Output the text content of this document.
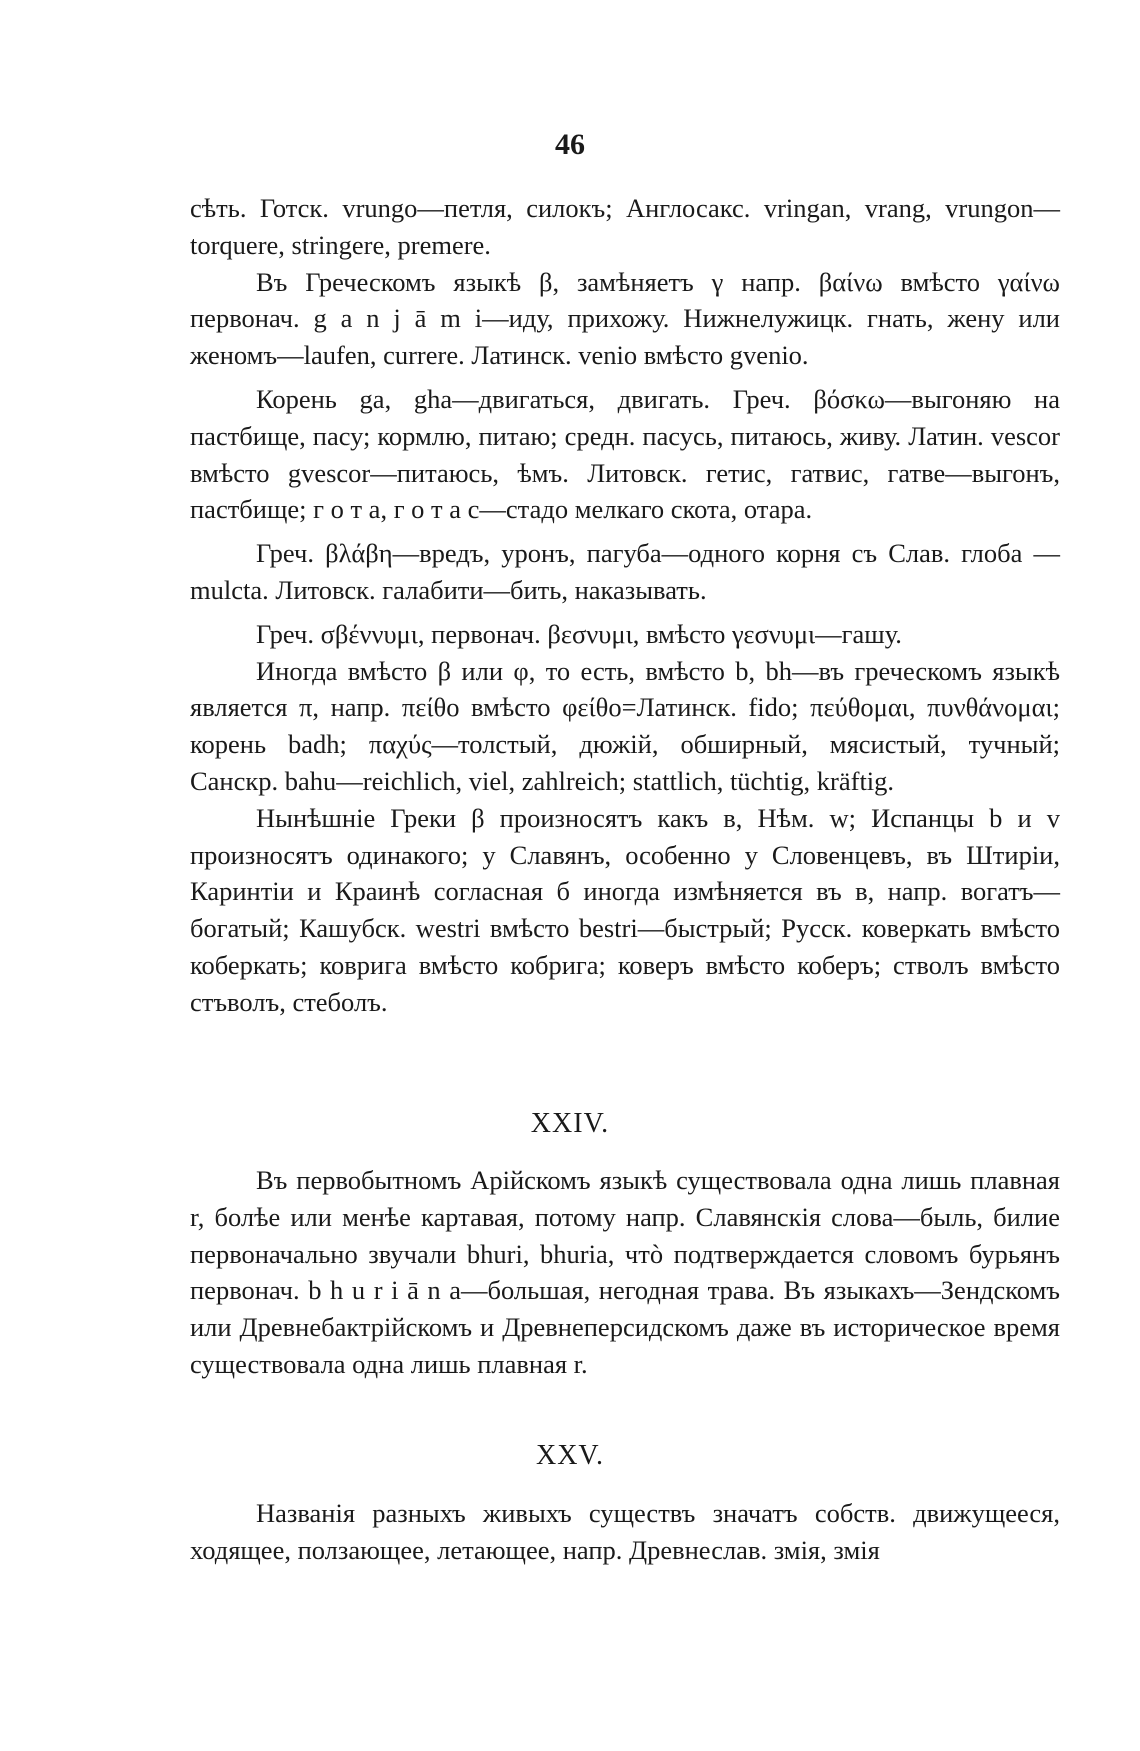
46

сѣть. Готск. vrungo—петля, силокъ; Англосакс. vringan, vrang, vrungon—torquere, stringere, premere.

Въ Греческомъ языкѣ β, замѣняетъ γ напр. βαίνω вмѣсто γαίνω первонач. g a n j ā m i—иду, прихожу. Нижнелужицк. гнать, жену или женомъ—laufen, currere. Латинск. venio вмѣсто gvenio.

Корень ga, gha—двигаться, двигать. Греч. βόσκω—выгоняю на пастбище, пасу; кормлю, питаю; средн. пасусь, питаюсь, живу. Латин. vescor вмѣсто gvescor—питаюсь, ѣмъ. Литовск. гетис, гатвис, гатве—выгонъ, пастбище; г о т а, г о т а с—стадо мелкаго скота, отара.

Греч. βλάβη—вредъ, уронъ, пагуба—одного корня съ Слав. глоба —mulcta. Литовск. галабити—бить, наказывать.

Греч. σβέννυμι, первонач. βεσνυμι, вмѣсто γεσνυμι—гашу.

Иногда вмѣсто β или φ, то есть, вмѣсто b, bh—въ греческомъ языкѣ является π, напр. πείθο вмѣсто φείθο=Латинск. fido; πεύθομαι, πυνθάνομαι; корень badh; παχύς—толстый, дюжій, обширный, мясистый, тучный; Санскр. bahu—reichlich, viel, zahlreich; stattlich, tüchtig, kräftig.

Нынѣшніе Греки β произносятъ какъ в, Нѣм. w; Испанцы b и v произносятъ одинакого; у Славянъ, особенно у Словенцевъ, въ Штиріи, Каринтіи и Краинѣ согласная б иногда измѣняется въ в, напр. вогатъ—богатый; Кашубск. westri вмѣсто bestri—быстрый; Русск. коверкать вмѣсто коберкать; коврига вмѣсто кобрига; коверъ вмѣсто коберъ; стволъ вмѣсто стъволъ, стеболъ.

XXIV.

Въ первобытномъ Арійскомъ языкѣ существовала одна лишь плавная r, болѣе или менѣе картавая, потому напр. Славянскія слова—быль, билие первоначально звучали bhuri, bhuria, чтò подтверждается словомъ бурьянъ первонач. b h u r i ā n a—большая, негодная трава. Въ языкахъ—Зендскомъ или Древнебактрійскомъ и Древнеперсидскомъ даже въ историческое время существовала одна лишь плавная r.

XXV.

Названія разныхъ живыхъ существъ значатъ собств. движущееся, ходящее, ползающее, летающее, напр. Древнеслав. змія, змія
